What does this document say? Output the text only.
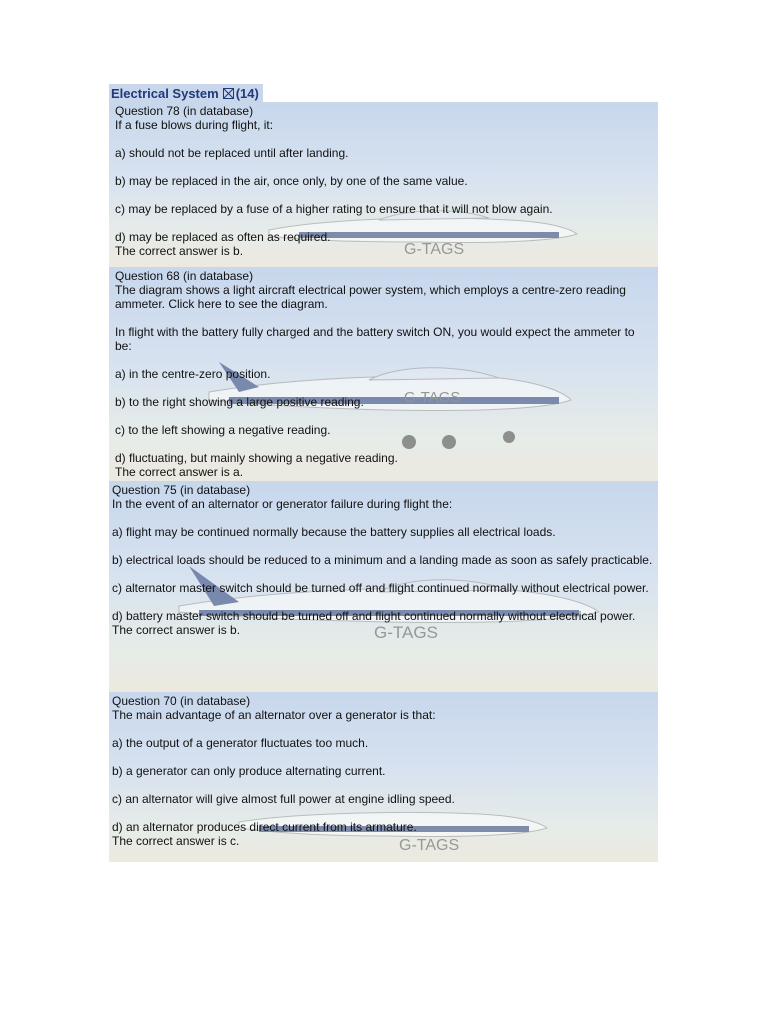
Electrical System (14)
G-TAGS

Question 78 (in database)

If a fuse blows during flight, it:

a) should not be replaced until after landing.

b) may be replaced in the air, once only, by one of the same value.

c) may be replaced by a fuse of a higher rating to ensure that it will not blow again.

d) may be replaced as often as required.

The correct answer is b.

G-TAGS

Question 68 (in database)

The diagram shows a light aircraft electrical power system, which employs a centre-zero reading ammeter. Click here to see the diagram.

In flight with the battery fully charged and the battery switch ON, you would expect the ammeter to be:

a) in the centre-zero position.

b) to the right showing a large positive reading.

c) to the left showing a negative reading.

d) fluctuating, but mainly showing a negative reading.

The correct answer is a.

G-TAGS

Question 75 (in database)

In the event of an alternator or generator failure during flight the:

a) flight may be continued normally because the battery supplies all electrical loads.

b) electrical loads should be reduced to a minimum and a landing made as soon as safely practicable.

c) alternator master switch should be turned off and flight continued normally without electrical power.

d) battery master switch should be turned off and flight continued normally without electrical power.

The correct answer is b.

G-TAGS

Question 70 (in database)

The main advantage of an alternator over a generator is that:

a) the output of a generator fluctuates too much.

b) a generator can only produce alternating current.

c) an alternator will give almost full power at engine idling speed.

d) an alternator produces direct current from its armature.

The correct answer is c.
